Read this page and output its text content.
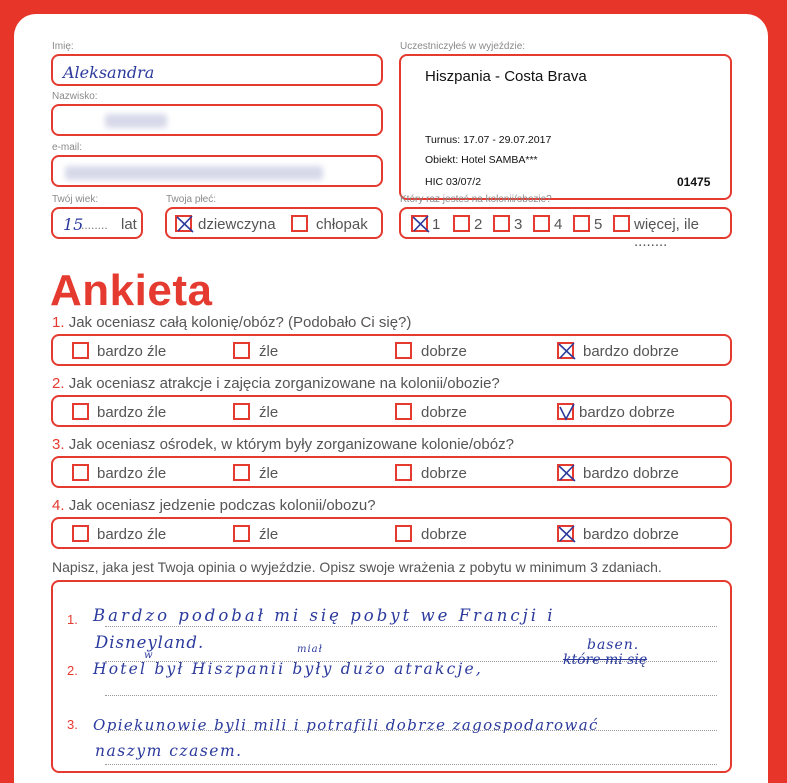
Imię:
Aleksandra
Nazwisko:
e-mail:
Twój wiek:
15
........ lat
Twoja płeć:
dziewczyna	chłopak
Uczestniczyłeś w wyjeździe:
Hiszpania - Costa Brava
Turnus: 17.07 - 29.07.2017
Obiekt: Hotel SAMBA***
HIC 03/07/2	01475
Który raz jesteś na kolonii/obozie?
1 2 3 4 5 więcej, ile ........
Ankieta
1. Jak oceniasz całą kolonię/obóz? (Podobało Ci się?)
bardzo źle	źle	dobrze	bardzo dobrze
2. Jak oceniasz atrakcje i zajęcia zorganizowane na kolonii/obozie?
bardzo źle	źle	dobrze	bardzo dobrze
3. Jak oceniasz ośrodek, w którym były zorganizowane kolonie/obóz?
bardzo źle	źle	dobrze	bardzo dobrze
4. Jak oceniasz jedzenie podczas kolonii/obozu?
bardzo źle	źle	dobrze	bardzo dobrze
Napisz, jaka jest Twoja opinia o wyjeździe. Opisz swoje wrażenia z pobytu w minimum 3 zdaniach.
1.
2.
3.
Bardzo podobał mi się pobyt we Francji i
Disneyland.
Hotel był Hiszpanii były dużo atrakcje,
w
miał
które mi się
basen.
Opiekunowie byli mili i potrafili dobrze zagospodarować
naszym czasem.
